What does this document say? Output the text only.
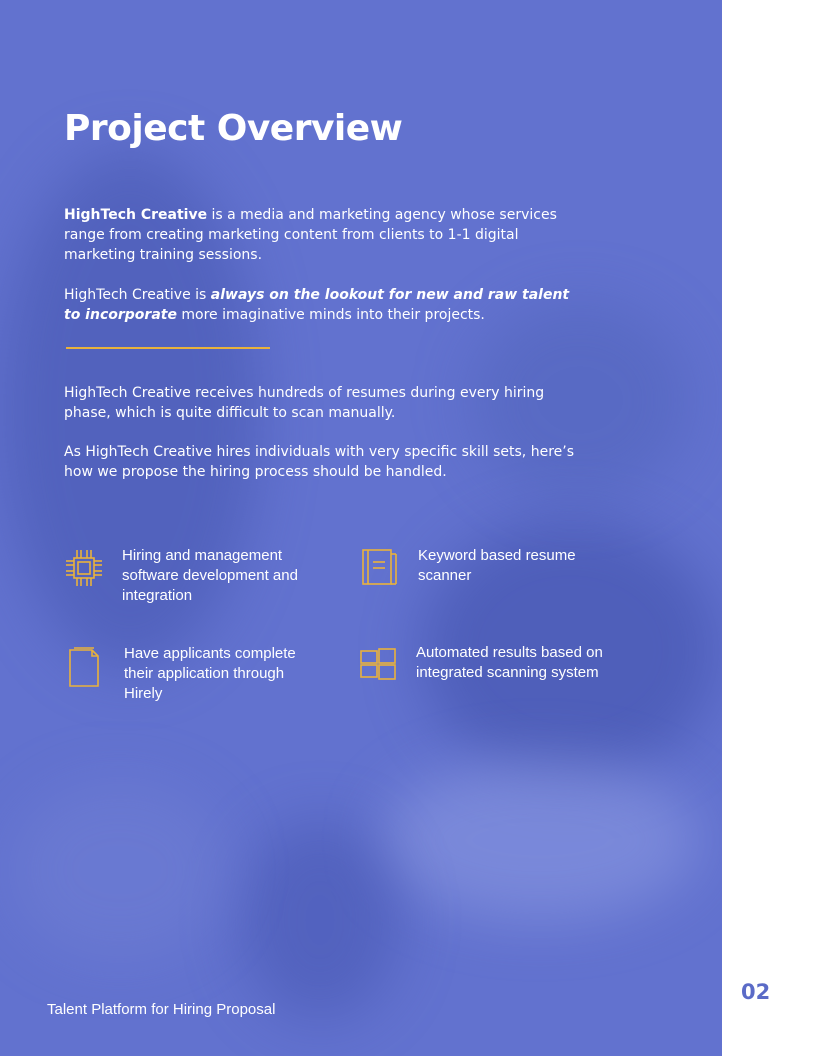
Project Overview

HighTech Creative is a media and marketing agency whose services range from creating marketing content from clients to 1-1 digital marketing training sessions.

HighTech Creative is always on the lookout for new and raw talent to incorporate more imaginative minds into their projects.

HighTech Creative receives hundreds of resumes during every hiring phase, which is quite difficult to scan manually.

As HighTech Creative hires individuals with very specific skill sets, here’s how we propose the hiring process should be handled.

Hiring and management software development and integration
Keyword based resume scanner
Have applicants complete their application through Hirely
Automated results based on integrated scanning system
Talent Platform for Hiring Proposal
02
